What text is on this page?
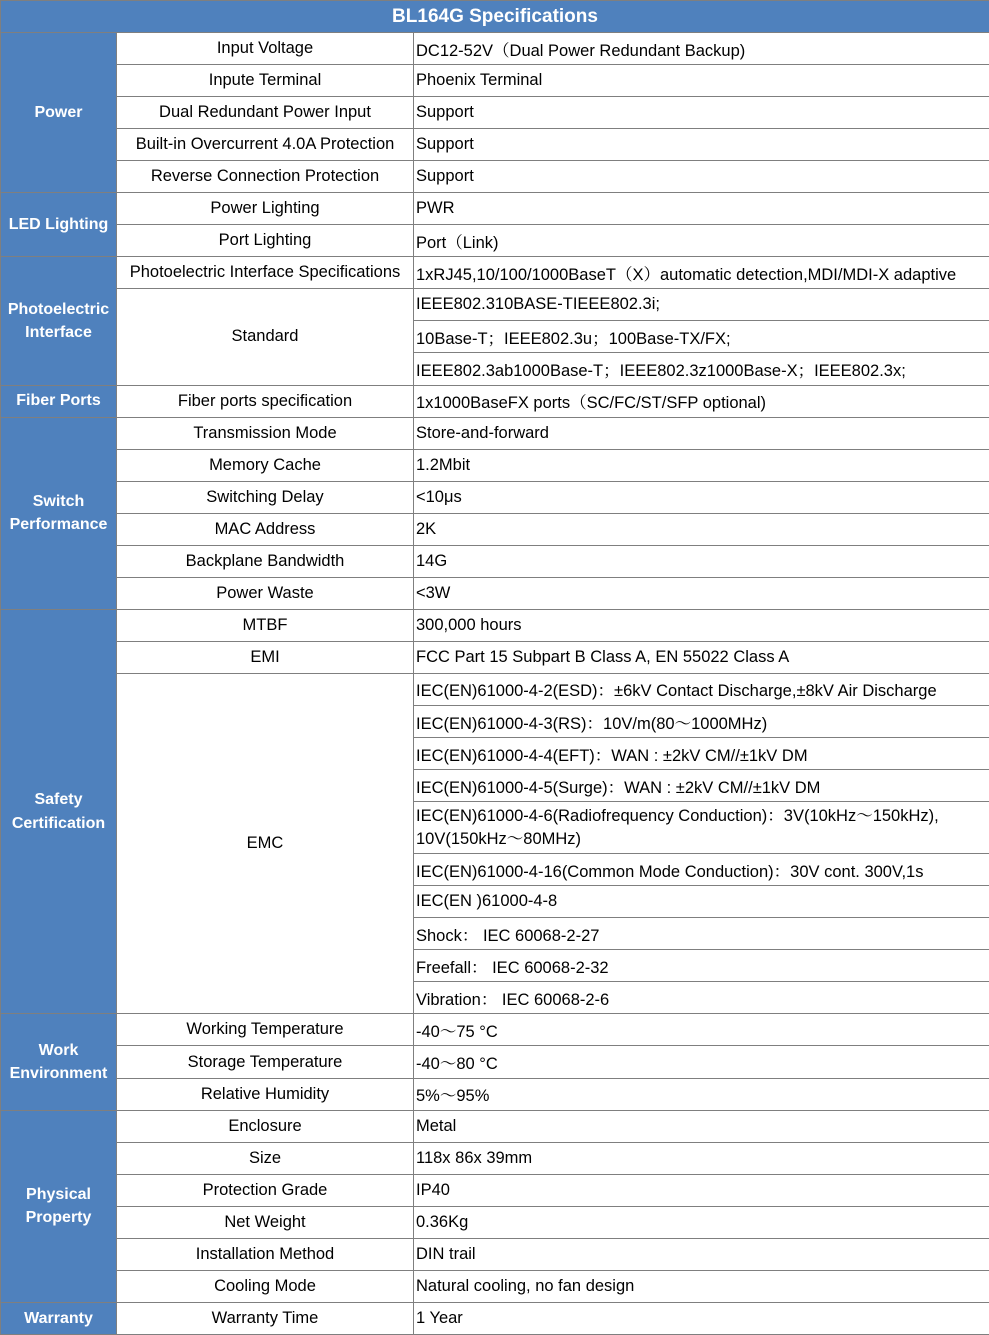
BL164G Specifications		
Power	Input Voltage	DC12-52V（Dual Power Redundant Backup)
	Inpute Terminal	Phoenix Terminal
	Dual Redundant Power Input	Support
	Built-in Overcurrent 4.0A Protection	Support
	Reverse Connection Protection	Support
LED Lighting	Power Lighting	PWR
	Port Lighting	Port（Link)
Photoelectric Interface	Photoelectric Interface Specifications	1xRJ45,10/100/1000BaseT（X）automatic detection,MDI/MDI-X adaptive
	Standard	IEEE802.310BASE-TIEEE802.3i;
		10Base-T；IEEE802.3u；100Base-TX/FX;
		IEEE802.3ab1000Base-T；IEEE802.3z1000Base-X；IEEE802.3x;
Fiber Ports	Fiber ports specification	1x1000BaseFX ports（SC/FC/ST/SFP optional)
Switch Performance	Transmission Mode	Store-and-forward
	Memory Cache	1.2Mbit
	Switching Delay	<10μs
	MAC Address	2K
	Backplane Bandwidth	14G
	Power Waste	<3W
Safety Certification	MTBF	300,000 hours
	EMI	FCC Part 15 Subpart B Class A, EN 55022 Class A
	EMC	IEC(EN)61000-4-2(ESD)：±6kV Contact Discharge,±8kV Air Discharge
		IEC(EN)61000-4-3(RS)：10V/m(80～1000MHz)
		IEC(EN)61000-4-4(EFT)：WAN : ±2kV CM//±1kV DM
		IEC(EN)61000-4-5(Surge)：WAN : ±2kV CM//±1kV DM
		IEC(EN)61000-4-6(Radiofrequency Conduction)：3V(10kHz～150kHz), 10V(150kHz～80MHz)
		IEC(EN)61000-4-16(Common Mode Conduction)：30V cont. 300V,1s
		IEC(EN )61000-4-8
		Shock： IEC 60068-2-27
		Freefall： IEC 60068-2-32
		Vibration： IEC 60068-2-6
Work Environment	Working Temperature	-40～75 °C
	Storage Temperature	-40～80 °C
	Relative Humidity	5%～95%
Physical Property	Enclosure	Metal
	Size	118x 86x 39mm
	Protection Grade	IP40
	Net Weight	0.36Kg
	Installation Method	DIN trail
	Cooling Mode	Natural cooling, no fan design
Warranty	Warranty Time	1 Year
